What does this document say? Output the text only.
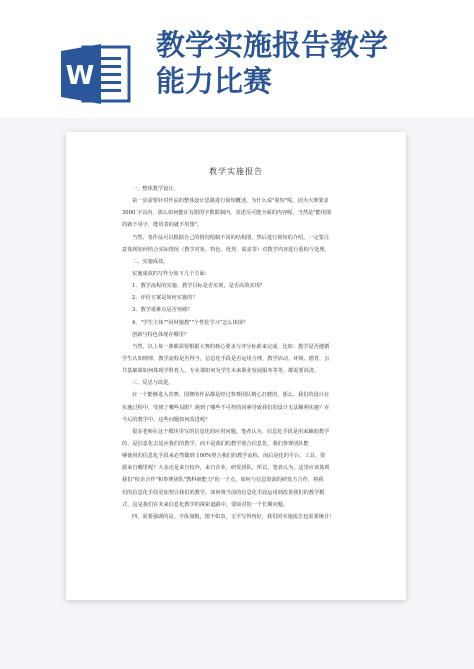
W
教学实施报告教学
能力比赛
教学实施报告
一、整体教学设计。
第一步需要针对作品的整体设计思路进行简短概述，为什么说"简短"呢，因为大赛要求
3000 字以内，那么如何能在有限的字数限制内，表述尽可能全面的内容呢，当然是"能用图
的就不用字，能用表的就不用图"。
当然，各作品可以根据自己的情况绘制不同的结构图，然后进行简短的介绍。一定要注
意体现如何结合实际情况（教学对象、特色、优势、需求等）对教学内容进行重构与处理。
二、实施成效。
实施成效的写作分如下几个方面：
1、教学流程的实施、教学目标是否实现，是否高效实现？
2、评价方案是如何实施的？
3、教学重难点是否突破？
4、"学生主体""因材施教""个性化学习"怎么体现？
创新与特色体现在哪里？
当然，以上每一条都需要根据大赛的核心要求与评分标准来完成，比如：教学是否遵循
学生认知规律，教学流程是否得当，信息化手段是否运用合理，教学活动、环境、德育，公
共基础课如何体现学科育人，专业课如何为学生未来职业发展服务等等，都需要说清。
三、反思与改进。
在一个能够进入省赛、国赛的作品都是经过参赛团队精心打磨的，那么，我们的设计在
实施过程中，受到了哪些局限？遇到了哪些不可控的因素导致我们的设计无法顺利实施？在
今后的教学中，这些问题如何改进呢？
很多老师在这个模块里写的信息化的应用问题，笔者认为，信息化手段是用来辅助教学
的，是信息化去适应我们的教学，而不是我们的教学迎合信息化，我们参赛团队能
够使用的信息化手段来必然做到 100%契合我们的教学流程，而后是化的平台、工具、资
源来自哪里呢？大多还是来自校外，来自企业、研发团队，所以，笔者认为，这里应该体现
我们"校企合作"和参赛团队"教科研能力"的一个点，如何与信息资源的研发方合作，将我
们的信息化手段更加契合我们的教学，如何将当前的信息化手段运用到改善我们的教学模
式，这是我们在未来信息化教学的探索道路中，要面对的一个长期问题。
四、需要强调的是，字体加粗，图不如表，文字写得再好，我们的实施报告也需要统计！
